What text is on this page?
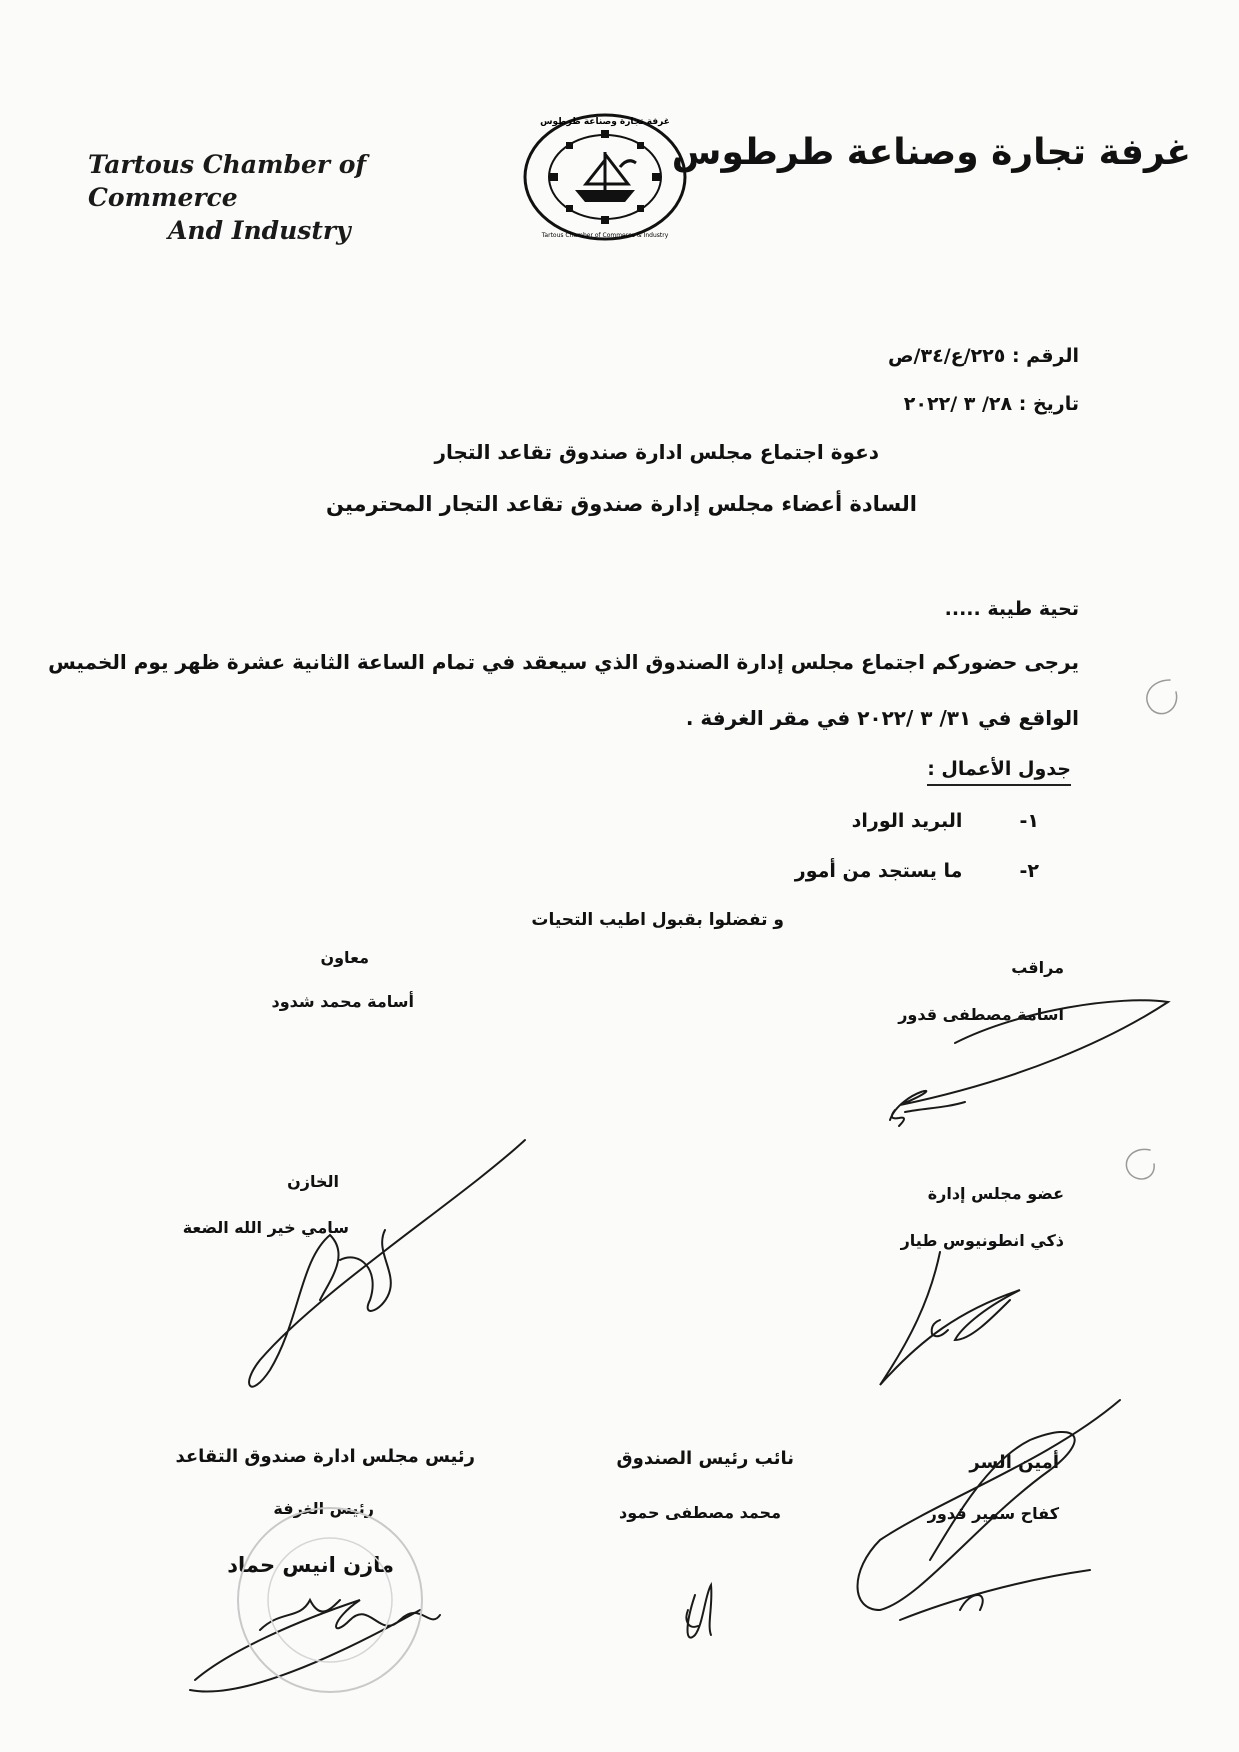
Tartous Chamber of Commerce
And Industry
غرفة تجارة وصناعة طرطوس
Tartous Chamber of Commerce & Industry
غرفة تجارة وصناعة طرطوس
الرقم : ٢٢٥/ع/٣٤/ص
تاريخ : ٢٨/ ٣ /٢٠٢٢
دعوة اجتماع مجلس ادارة صندوق تقاعد التجار
السادة أعضاء مجلس إدارة صندوق تقاعد التجار المحترمين
تحية طيبة .....
يرجى حضوركم اجتماع مجلس إدارة الصندوق الذي سيعقد في تمام الساعة الثانية عشرة ظهر يوم الخميس
الواقع في ٣١/ ٣ /٢٠٢٢ في مقر الغرفة .
جدول الأعمال :
١- البريد الوراد
٢- ما يستجد من أمور
و تفضلوا بقبول اطيب التحيات
مراقب
اسامة مصطفى قدور
معاون
أسامة محمد شدود
عضو مجلس إدارة
ذكي انطونيوس طيار
الخازن
سامي خير الله الضعة
أمين السر
كفاح سمير قدور
نائب رئيس الصندوق
محمد مصطفى حمود
رئيس مجلس ادارة صندوق التقاعد
رئيس الغرفة
مازن انيس حماد
